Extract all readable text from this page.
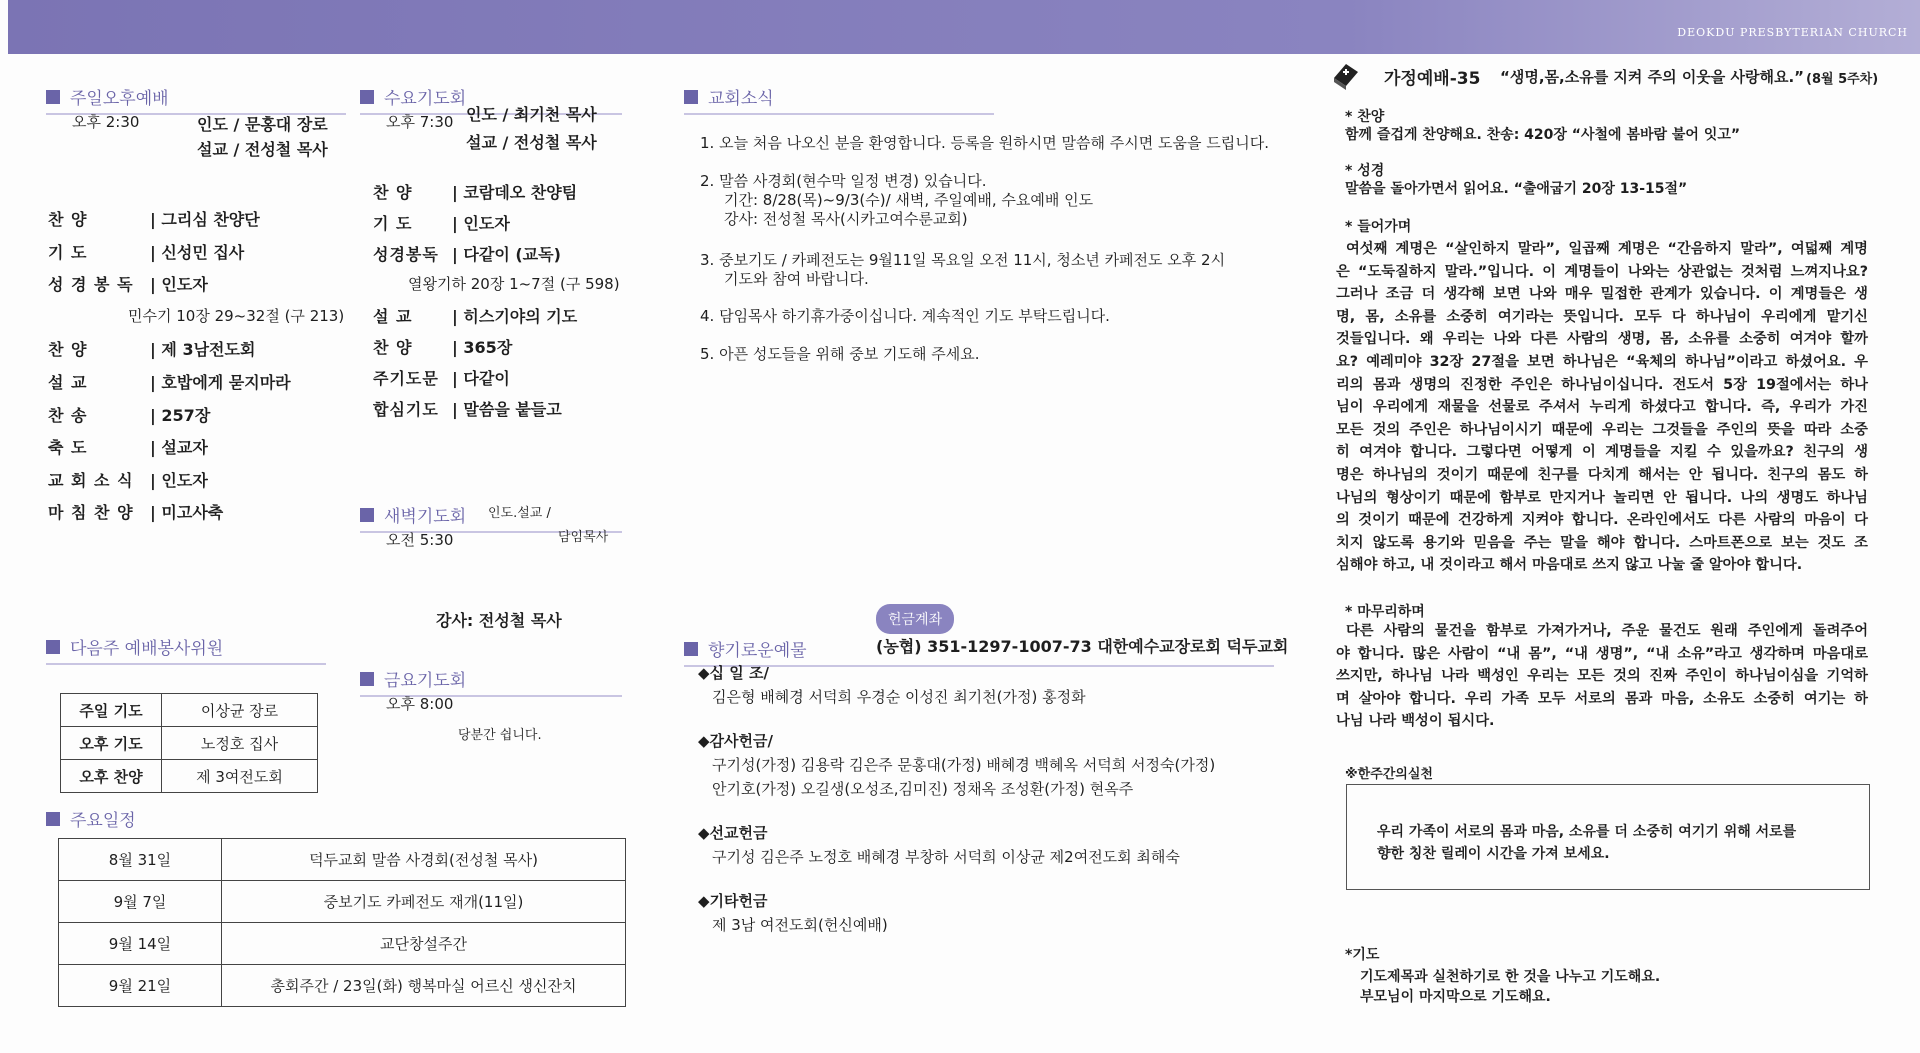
DEOKDU PRESBYTERIAN CHURCH
주일오후예배
오후 2:30	인도 / 문홍대 장로
설교 / 전성철 목사
찬 양	| 그리심 찬양단
기 도	| 신성민 집사
성 경 봉 독 | 인도자
민수기 10장 29~32절 (구 213)
찬 양	| 제 3남전도회
설 교	| 호밥에게 묻지마라
찬 송	| 257장
축 도	| 설교자
교 회 소 식 | 인도자
마 침 찬 양 | 미고사축
수요기도회
오후 7:30 인도 / 최기천 목사
설교 / 전성철 목사
찬 양	| 코람데오 찬양팀
기 도	| 인도자
성경봉독 | 다같이 (교독)
열왕기하 20장 1~7절 (구 598)
설 교	| 히스기야의 기도
찬 양	| 365장
주기도문 | 다같이
합심기도 | 말씀을 붙들고
새벽기도회 인도.설교 /
오전 5:30	담임목사
강사: 전성철 목사
다음주 예배봉사위원
주일 기도	이상균 장로
오후 기도	노정호 집사
오후 찬양	제 3여전도회
주요일정
8월 31일	덕두교회 말씀 사경회(전성철 목사)
9월 7일	중보기도 카페전도 재개(11일)
9월 14일	교단창설주간
9월 21일	총회주간 / 23일(화) 행복마실 어르신 생신잔치
금요기도회
오후 8:00
당분간 쉽니다.
교회소식
1. 오늘 처음 나오신 분을 환영합니다. 등록을 원하시면 말씀해 주시면 도움을 드립니다.
2. 말씀 사경회(현수막 일정 변경) 있습니다.
기간: 8/28(목)~9/3(수)/ 새벽, 주일예배, 수요예배 인도
강사: 전성철 목사(시카고여수룬교회)
3. 중보기도 / 카페전도는 9월11일 목요일 오전 11시, 청소년 카페전도 오후 2시
기도와 참여 바랍니다.
4. 담임목사 하기휴가중이십니다. 계속적인 기도 부탁드립니다.
5. 아픈 성도들을 위해 중보 기도해 주세요.
헌금계좌
향기로운예물	(농협) 351-1297-1007-73 대한예수교장로회 덕두교회
◆십 일 조/
김은형 배혜경 서덕희 우경순 이성진 최기천(가정) 홍정화
◆감사헌금/
구기성(가정) 김용락 김은주 문홍대(가정) 배혜경 백혜옥 서덕희 서정숙(가정)
안기호(가정) 오길생(오성조,김미진) 정채옥 조성환(가정) 현옥주
◆선교헌금
구기성 김은주 노정호 배혜경 부창하 서덕희 이상균 제2여전도회 최해숙
◆기타헌금
제 3남 여전도회(헌신예배)
가정예배-35 “생명,몸,소유를 지켜 주의 이웃을 사랑해요.” (8월 5주차)
* 찬양
함께 즐겁게 찬양해요. 찬송: 420장 “사철에 봄바람 불어 잇고”
* 성경
말씀을 돌아가면서 읽어요. “출애굽기 20장 13-15절”
* 들어가며
여섯째 계명은 “살인하지 말라”, 일곱째 계명은 “간음하지 말라”, 여덟째 계명
은 “도둑질하지 말라.”입니다. 이 계명들이 나와는 상관없는 것처럼 느껴지나요?
그러나 조금 더 생각해 보면 나와 매우 밀접한 관계가 있습니다. 이 계명들은 생
명, 몸, 소유를 소중히 여기라는 뜻입니다. 모두 다 하나님이 우리에게 맡기신
것들입니다. 왜 우리는 나와 다른 사람의 생명, 몸, 소유를 소중히 여겨야 할까
요? 예레미야 32장 27절을 보면 하나님은 “육체의 하나님”이라고 하셨어요. 우
리의 몸과 생명의 진정한 주인은 하나님이십니다. 전도서 5장 19절에서는 하나
님이 우리에게 재물을 선물로 주셔서 누리게 하셨다고 합니다. 즉, 우리가 가진
모든 것의 주인은 하나님이시기 때문에 우리는 그것들을 주인의 뜻을 따라 소중
히 여겨야 합니다. 그렇다면 어떻게 이 계명들을 지킬 수 있을까요? 친구의 생
명은 하나님의 것이기 때문에 친구를 다치게 해서는 안 됩니다. 친구의 몸도 하
나님의 형상이기 때문에 함부로 만지거나 놀리면 안 됩니다. 나의 생명도 하나님
의 것이기 때문에 건강하게 지켜야 합니다. 온라인에서도 다른 사람의 마음이 다
치지 않도록 용기와 믿음을 주는 말을 해야 합니다. 스마트폰으로 보는 것도 조
심해야 하고, 내 것이라고 해서 마음대로 쓰지 않고 나눌 줄 알아야 합니다.
* 마무리하며
다른 사람의 물건을 함부로 가져가거나, 주운 물건도 원래 주인에게 돌려주어
야 합니다. 많은 사람이 “내 몸”, “내 생명”, “내 소유”라고 생각하며 마음대로
쓰지만, 하나님 나라 백성인 우리는 모든 것의 진짜 주인이 하나님이심을 기억하
며 살아야 합니다. 우리 가족 모두 서로의 몸과 마음, 소유도 소중히 여기는 하
나님 나라 백성이 됩시다.
※한주간의실천
우리 가족이 서로의 몸과 마음, 소유를 더 소중히 여기기 위해 서로를
향한 칭찬 릴레이 시간을 가져 보세요.
*기도
기도제목과 실천하기로 한 것을 나누고 기도해요.
부모님이 마지막으로 기도해요.
